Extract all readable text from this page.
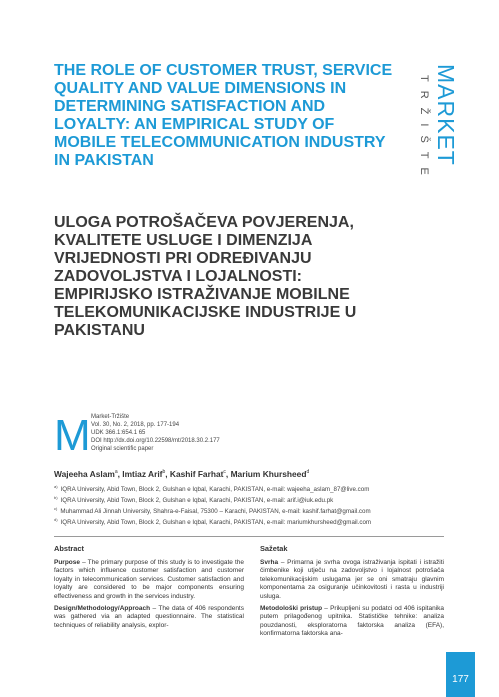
THE ROLE OF CUSTOMER TRUST, SERVICE QUALITY AND VALUE DIMENSIONS IN DETERMINING SATISFACTION AND LOYALTY: AN EMPIRICAL STUDY OF MOBILE TELECOMMUNICATION INDUSTRY IN PAKISTAN
ULOGA POTROŠAČEVA POVJERENJA, KVALITETE USLUGE I DIMENZIJA VRIJEDNOSTI PRI ODREĐIVANJU ZADOVOLJSTVA I LOJALNOSTI: EMPIRIJSKO ISTRAŽIVANJE MOBILNE TELEKOMUNIKACIJSKE INDUSTRIJE U PAKISTANU
MARKET
TRŽIŠTE
M Market-Tržište
Vol. 30, No. 2, 2018, pp. 177-194
UDK 366.1:654.1 65
DOI http://dx.doi.org/10.22598/mt/2018.30.2.177
Original scientific paper
Wajeeha Aslam$^a$, Imtiaz Arif$^b$, Kashif Farhat$^c$, Marium Khursheed$^d$
$^{a)}$ IQRA University, Abid Town, Block 2, Gulshan e Iqbal, Karachi, PAKISTAN, e-mail: wajeeha_aslam_87@live.com
$^{b)}$ IQRA University, Abid Town, Block 2, Gulshan e Iqbal, Karachi, PAKISTAN, e-mail: arif.i@iuk.edu.pk
$^{c)}$ Muhammad Ali Jinnah University, Shahra-e-Faisal, 75300 – Karachi, PAKISTAN, e-mail: kashif.farhat@gmail.com
$^{d)}$ IQRA University, Abid Town, Block 2, Gulshan e Iqbal, Karachi, PAKISTAN, e-mail: mariumkhursheed@gmail.com
Abstract

Purpose – The primary purpose of this study is to investigate the factors which influence customer satisfaction and customer loyalty in telecommunication services. Customer satisfaction and loyalty are considered to be major components ensuring effectiveness and growth in the services industry.

Design/Methodology/Approach – The data of 406 respondents was gathered via an adapted questionnaire. The statistical techniques of reliability analysis, explor-

Sažetak

Svrha – Primarna je svrha ovoga istraživanja ispitati i istražiti čimbenike koji utječu na zadovoljstvo i lojalnost potrošača telekomunikacijskim uslugama jer se oni smatraju glavnim komponentama za osiguranje učinkovitosti i rasta u industriji usluga.

Metodološki pristup – Prikupljeni su podatci od 406 ispitanika putem prilagođenog upitnika. Statističke tehnike: analiza pouzdanosti, eksploratorna faktorska analiza (EFA), konfirmatorna faktorska ana-

177
